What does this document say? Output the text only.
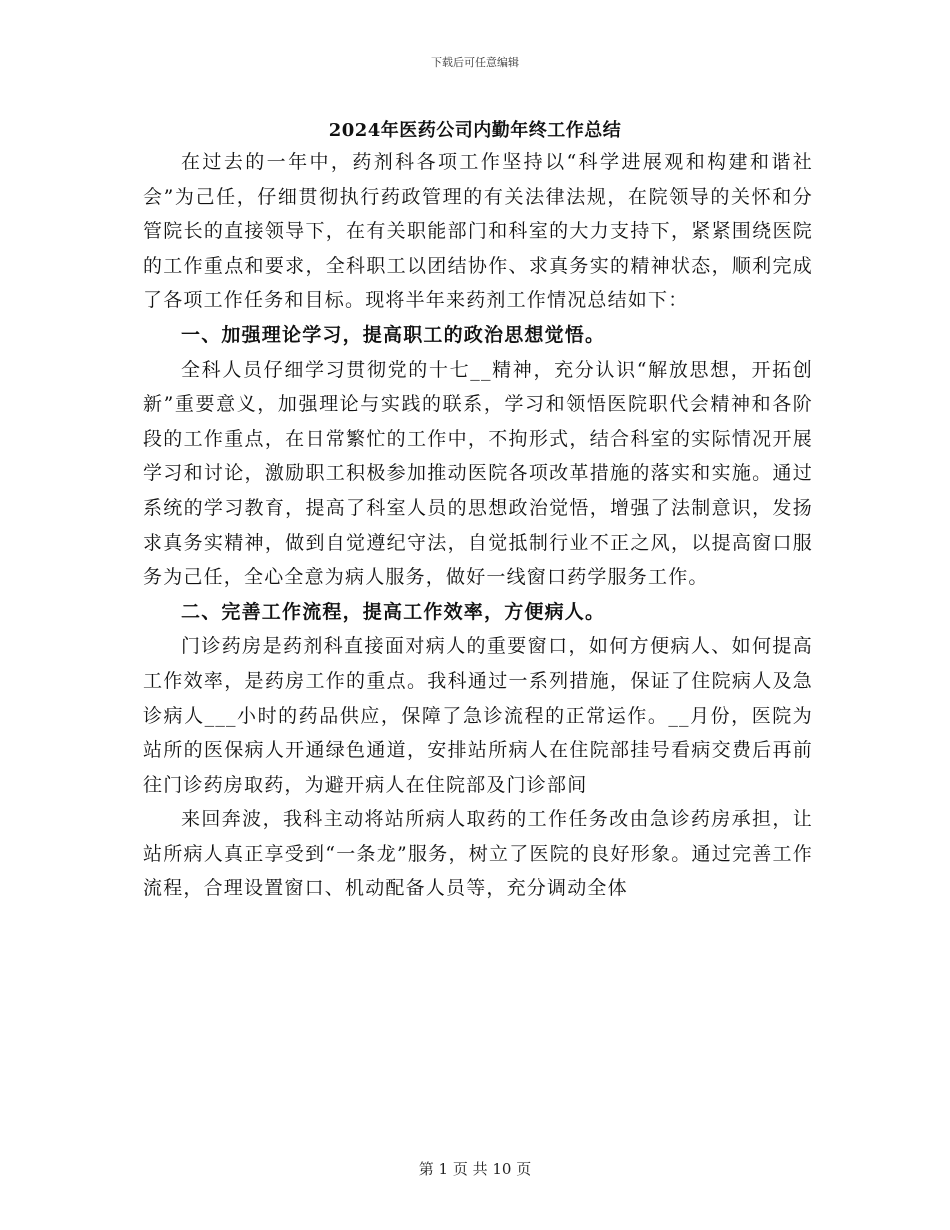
下载后可任意编辑
2024年医药公司内勤年终工作总结

在过去的一年中，药剂科各项工作坚持以“科学进展观和构建和谐社会”为己任，仔细贯彻执行药政管理的有关法律法规，在院领导的关怀和分管院长的直接领导下，在有关职能部门和科室的大力支持下，紧紧围绕医院的工作重点和要求，全科职工以团结协作、求真务实的精神状态，顺利完成了各项工作任务和目标。现将半年来药剂工作情况总结如下：

一、加强理论学习，提高职工的政治思想觉悟。

全科人员仔细学习贯彻党的十七__精神，充分认识“解放思想，开拓创新”重要意义，加强理论与实践的联系，学习和领悟医院职代会精神和各阶段的工作重点，在日常繁忙的工作中，不拘形式，结合科室的实际情况开展学习和讨论，激励职工积极参加推动医院各项改革措施的落实和实施。通过系统的学习教育，提高了科室人员的思想政治觉悟，增强了法制意识，发扬求真务实精神，做到自觉遵纪守法，自觉抵制行业不正之风，以提高窗口服务为己任，全心全意为病人服务，做好一线窗口药学服务工作。

二、完善工作流程，提高工作效率，方便病人。

门诊药房是药剂科直接面对病人的重要窗口，如何方便病人、如何提高工作效率，是药房工作的重点。我科通过一系列措施，保证了住院病人及急诊病人___小时的药品供应，保障了急诊流程的正常运作。__月份，医院为站所的医保病人开通绿色通道，安排站所病人在住院部挂号看病交费后再前往门诊药房取药，为避开病人在住院部及门诊部间

来回奔波，我科主动将站所病人取药的工作任务改由急诊药房承担，让站所病人真正享受到“一条龙”服务，树立了医院的良好形象。通过完善工作流程，合理设置窗口、机动配备人员等，充分调动全体

第 1 页 共 10 页
